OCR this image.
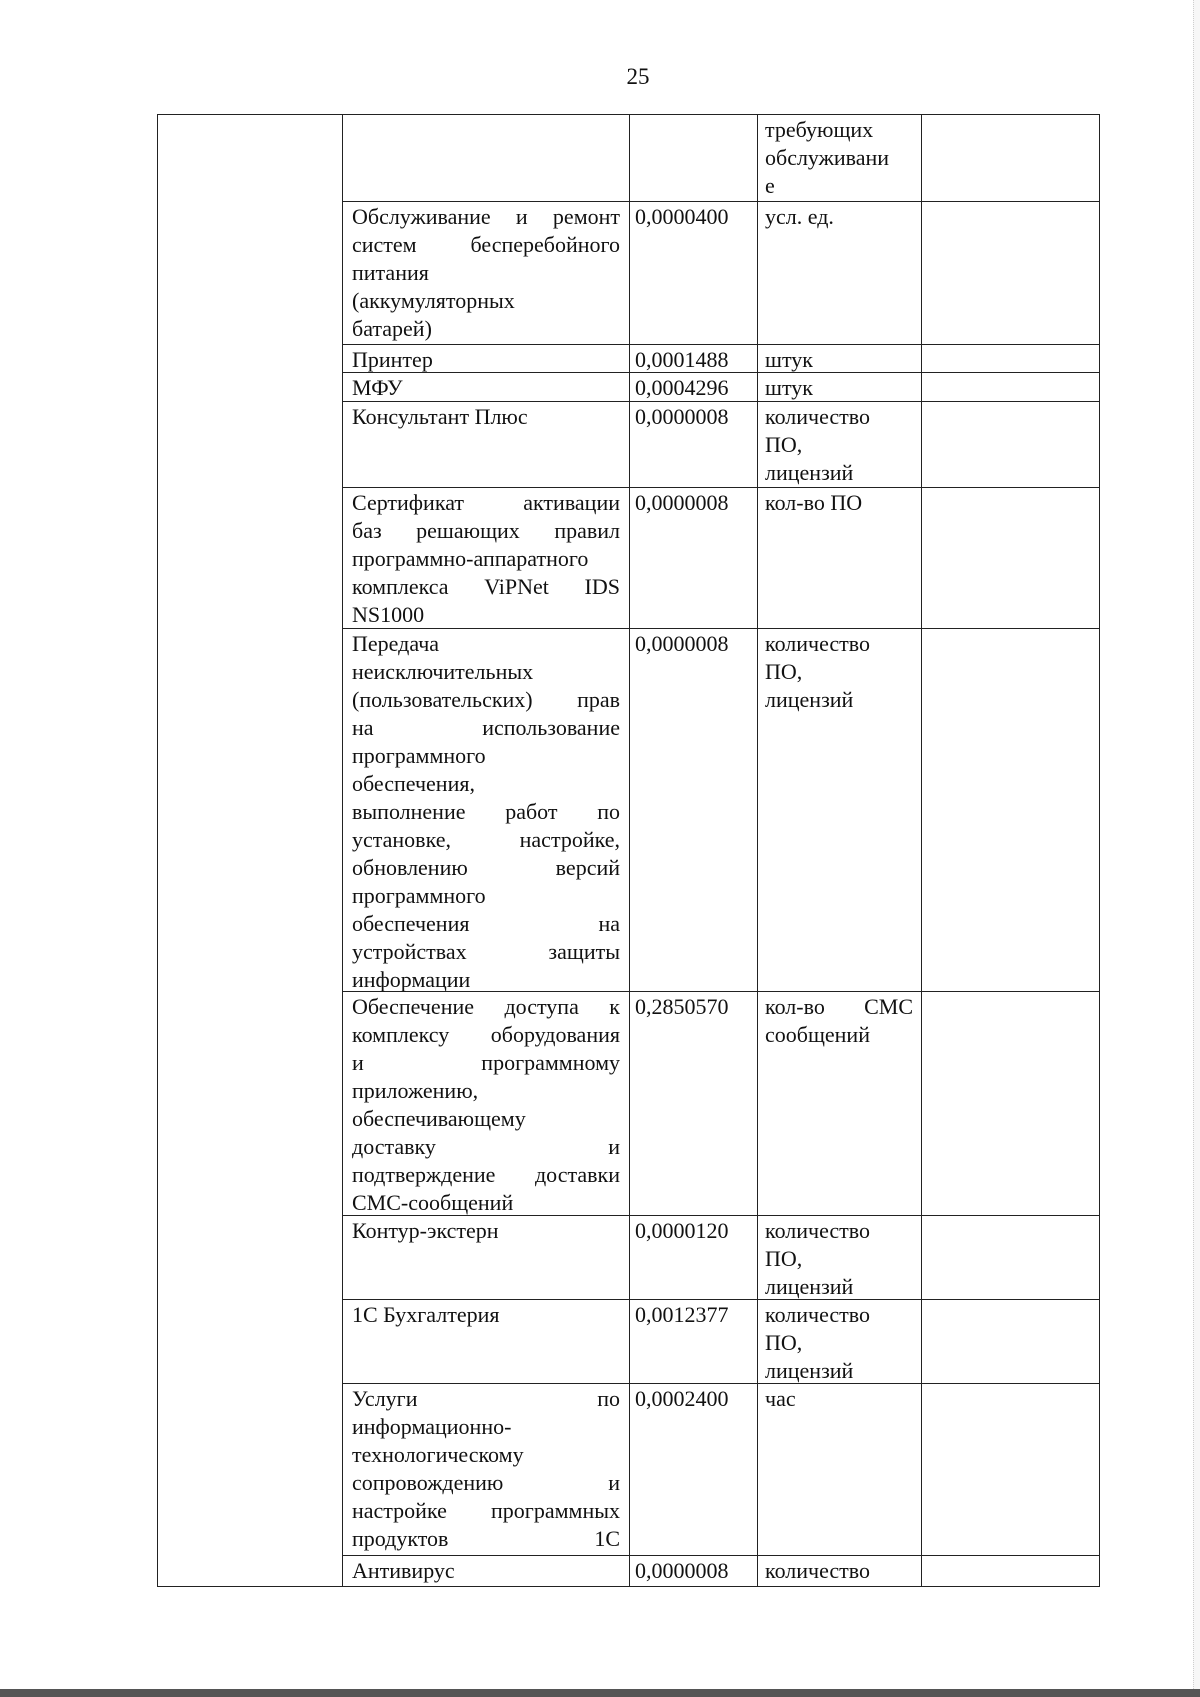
25

требующих

обслуживани

е

Обслуживание и ремонт

систем бесперебойного

питания

(аккумуляторных

батарей)

0,0000400	усл. ед.

Принтер	0,0001488	штук

МФУ	0,0004296	штук

Консультант Плюс	0,0000008	количество

ПО,

лицензий

Сертификат активации

баз решающих правил

программно-аппаратного

комплекса ViPNet IDS

NS1000

0,0000008	кол-во ПО

Передача

неисключительных

(пользовательских) прав

на использование

программного

обеспечения,

выполнение работ по

установке, настройке,

обновлению версий

программного

обеспечения на

устройствах защиты

информации

0,0000008	количество

ПО,

лицензий

Обеспечение доступа к

комплексу оборудования

и программному

приложению,

обеспечивающему

доставку и

подтверждение доставки

СМС-сообщений

0,2850570	кол-во СМС

сообщений

Контур-экстерн	0,0000120	количество

ПО,

лицензий

1С Бухгалтерия	0,0012377	количество

ПО,

лицензий

Услуги по

информационно-

технологическому

сопровождению и

настройке программных

продуктов 1С

0,0002400	час

Антивирус	0,0000008	количество
